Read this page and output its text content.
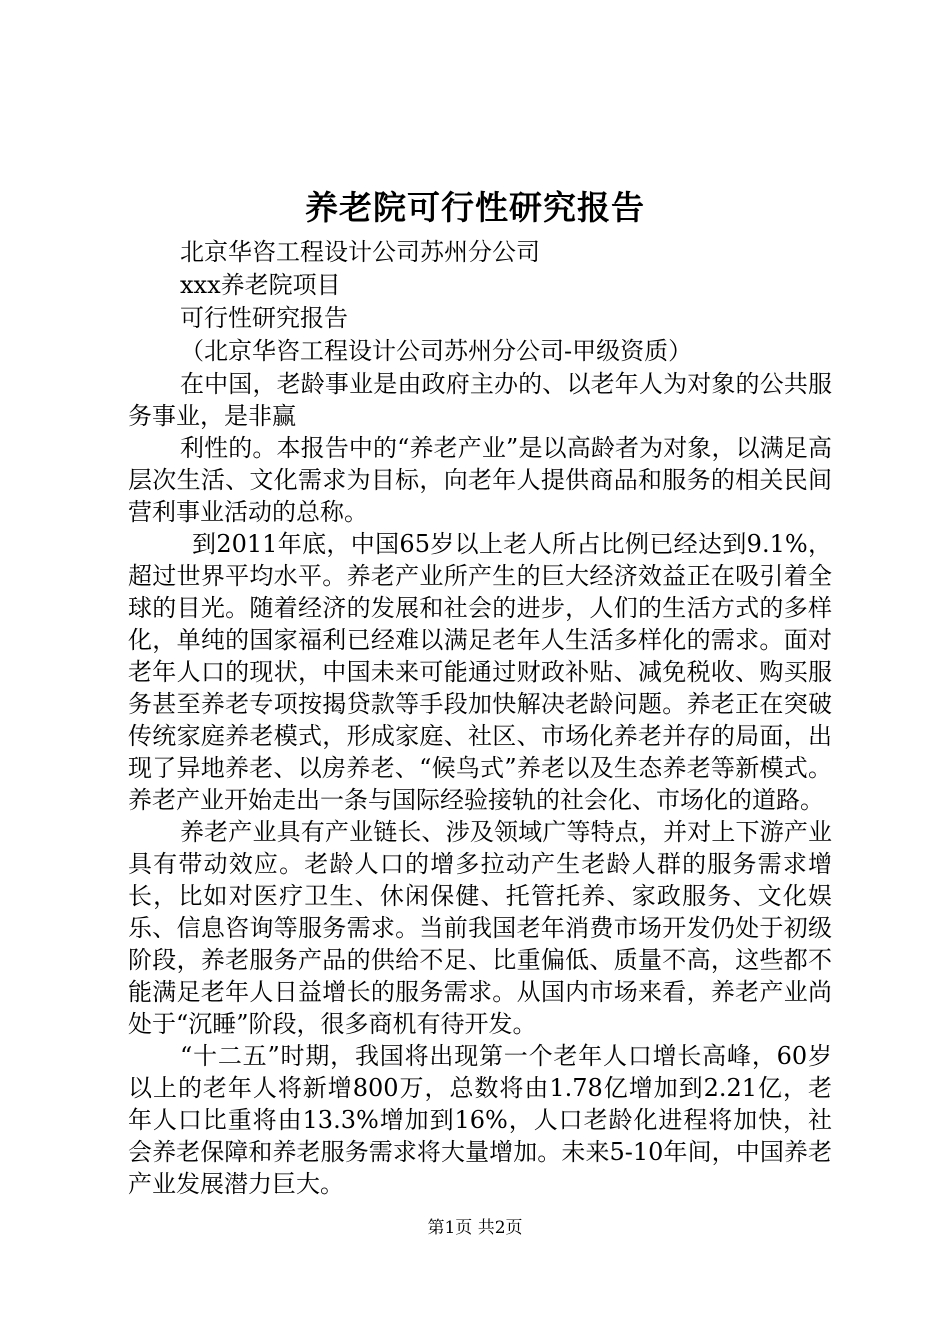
养老院可行性研究报告

北京华咨工程设计公司苏州分公司

xxx养老院项目

可行性研究报告

（北京华咨工程设计公司苏州分公司-甲级资质）

在中国，老龄事业是由政府主办的、以老年人为对象的公共服务事业，是非赢

利性的。本报告中的“养老产业”是以高龄者为对象，以满足高层次生活、文化需求为目标，向老年人提供商品和服务的相关民间营利事业活动的总称。

到2011年底，中国65岁以上老人所占比例已经达到9.1%，超过世界平均水平。养老产业所产生的巨大经济效益正在吸引着全球的目光。随着经济的发展和社会的进步，人们的生活方式的多样化，单纯的国家福利已经难以满足老年人生活多样化的需求。面对老年人口的现状，中国未来可能通过财政补贴、减免税收、购买服务甚至养老专项按揭贷款等手段加快解决老龄问题。养老正在突破传统家庭养老模式，形成家庭、社区、市场化养老并存的局面，出现了异地养老、以房养老、“候鸟式”养老以及生态养老等新模式。养老产业开始走出一条与国际经验接轨的社会化、市场化的道路。

养老产业具有产业链长、涉及领域广等特点，并对上下游产业具有带动效应。老龄人口的增多拉动产生老龄人群的服务需求增长，比如对医疗卫生、休闲保健、托管托养、家政服务、文化娱乐、信息咨询等服务需求。当前我国老年消费市场开发仍处于初级阶段，养老服务产品的供给不足、比重偏低、质量不高，这些都不能满足老年人日益增长的服务需求。从国内市场来看，养老产业尚处于“沉睡”阶段，很多商机有待开发。

“十二五”时期，我国将出现第一个老年人口增长高峰，60岁以上的老年人将新增800万，总数将由1.78亿增加到2.21亿，老年人口比重将由13.3%增加到16%，人口老龄化进程将加快，社会养老保障和养老服务需求将大量增加。未来5-10年间，中国养老产业发展潜力巨大。

第1页 共2页
